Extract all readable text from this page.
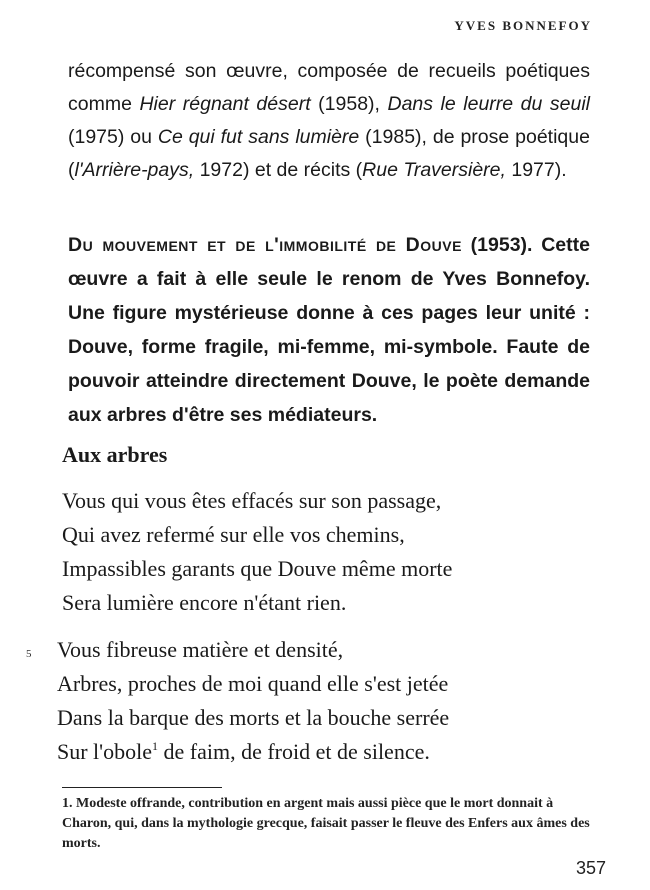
YVES BONNEFOY

récompensé son œuvre, composée de recueils poétiques comme Hier régnant désert (1958), Dans le leurre du seuil (1975) ou Ce qui fut sans lumière (1985), de prose poétique (l'Arrière-pays, 1972) et de récits (Rue Traversière, 1977).

Du mouvement et de l'immobilité de Douve (1953). Cette œuvre a fait à elle seule le renom de Yves Bonnefoy. Une figure mystérieuse donne à ces pages leur unité : Douve, forme fragile, mi-femme, mi-symbole. Faute de pouvoir atteindre directement Douve, le poète demande aux arbres d'être ses médiateurs.

Aux arbres
Vous qui vous êtes effacés sur son passage,
Qui avez refermé sur elle vos chemins,
Impassibles garants que Douve même morte
Sera lumière encore n'étant rien.
5 Vous fibreuse matière et densité,
Arbres, proches de moi quand elle s'est jetée
Dans la barque des morts et la bouche serrée
Sur l'obole$^1$ de faim, de froid et de silence.

1. Modeste offrande, contribution en argent mais aussi pièce que le mort donnait à Charon, qui, dans la mythologie grecque, faisait passer le fleuve des Enfers aux âmes des morts.

357
